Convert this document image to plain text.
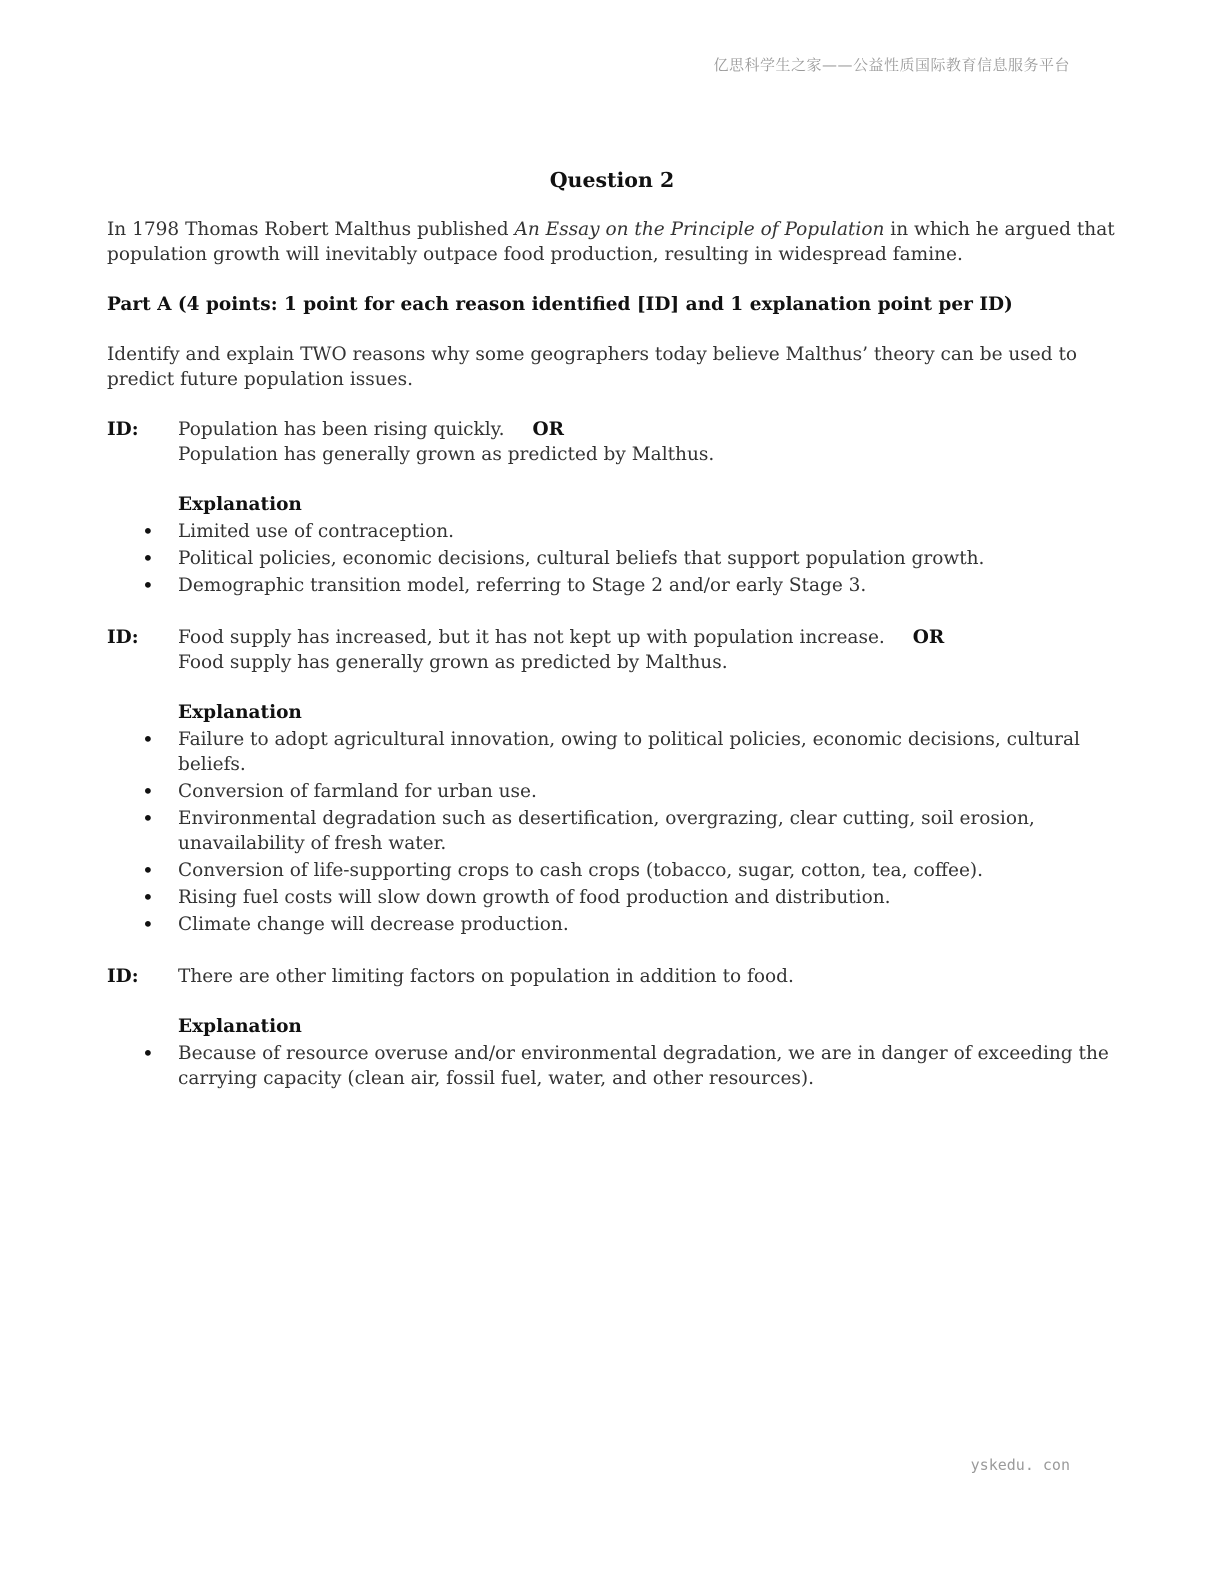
亿思科学生之家——公益性质国际教育信息服务平台

Question 2

In 1798 Thomas Robert Malthus published An Essay on the Principle of Population in which he argued that population growth will inevitably outpace food production, resulting in widespread famine.

Part A (4 points: 1 point for each reason identified [ID] and 1 explanation point per ID)

Identify and explain TWO reasons why some geographers today believe Malthus’ theory can be used to predict future population issues.

ID:	Population has been rising quickly. OR
Population has generally grown as predicted by Malthus.
Explanation
• Limited use of contraception.
• Political policies, economic decisions, cultural beliefs that support population growth.
• Demographic transition model, referring to Stage 2 and/or early Stage 3.
ID:	Food supply has increased, but it has not kept up with population increase. OR
Food supply has generally grown as predicted by Malthus.
Explanation
• Failure to adopt agricultural innovation, owing to political policies, economic decisions, cultural beliefs.
• Conversion of farmland for urban use.
• Environmental degradation such as desertification, overgrazing, clear cutting, soil erosion, unavailability of fresh water.
• Conversion of life-supporting crops to cash crops (tobacco, sugar, cotton, tea, coffee).
• Rising fuel costs will slow down growth of food production and distribution.
• Climate change will decrease production.
ID:	There are other limiting factors on population in addition to food.
Explanation
• Because of resource overuse and/or environmental degradation, we are in danger of exceeding the carrying capacity (clean air, fossil fuel, water, and other resources).
yskedu. con
